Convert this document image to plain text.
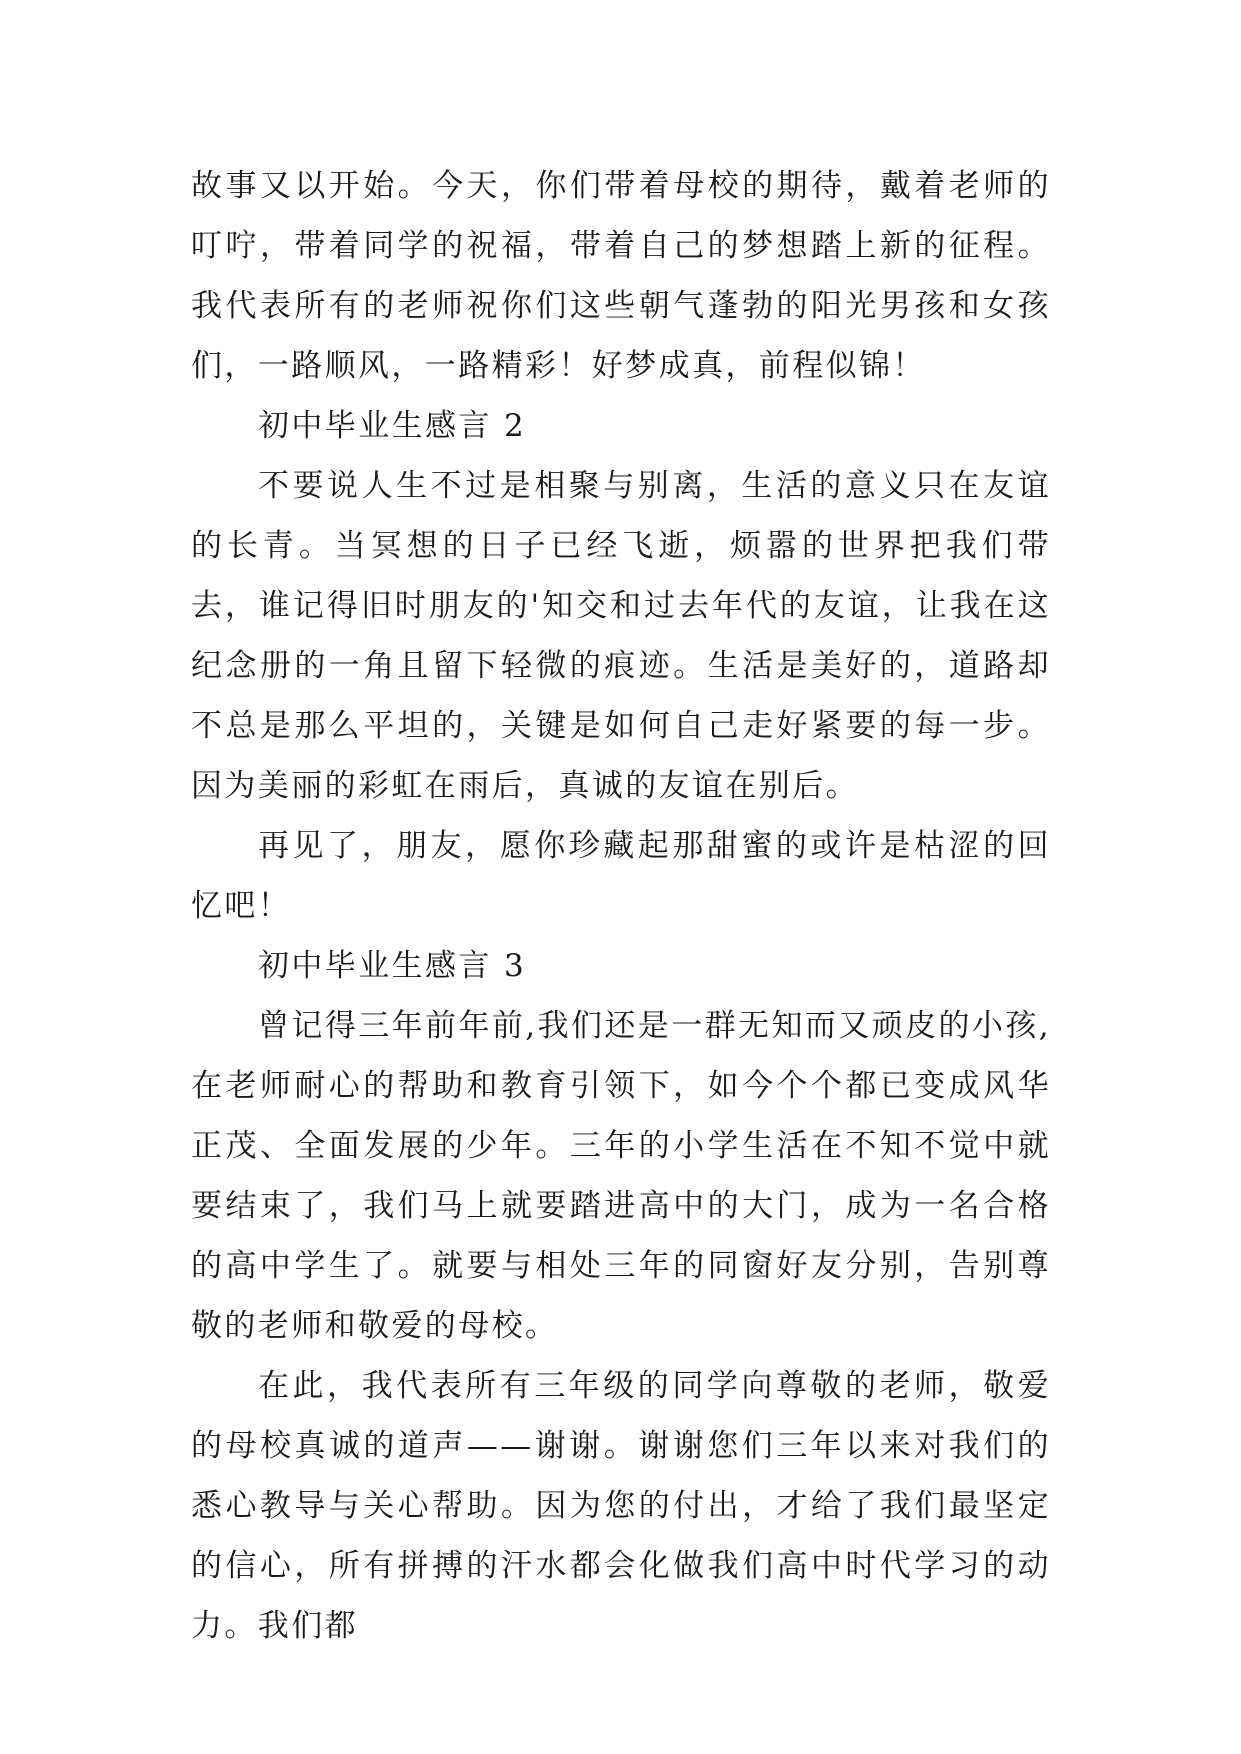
故事又以开始。今天，你们带着母校的期待，戴着老师的叮咛，带着同学的祝福，带着自己的梦想踏上新的征程。我代表所有的老师祝你们这些朝气蓬勃的阳光男孩和女孩们，一路顺风，一路精彩！好梦成真，前程似锦！

初中毕业生感言 2

不要说人生不过是相聚与别离，生活的意义只在友谊的长青。当冥想的日子已经飞逝，烦嚣的世界把我们带去，谁记得旧时朋友的'知交和过去年代的友谊，让我在这纪念册的一角且留下轻微的痕迹。生活是美好的，道路却不总是那么平坦的，关键是如何自己走好紧要的每一步。因为美丽的彩虹在雨后，真诚的友谊在别后。

再见了，朋友，愿你珍藏起那甜蜜的或许是枯涩的回忆吧！

初中毕业生感言 3

曾记得三年前年前,我们还是一群无知而又顽皮的小孩,在老师耐心的帮助和教育引领下，如今个个都已变成风华正茂、全面发展的少年。三年的小学生活在不知不觉中就要结束了，我们马上就要踏进高中的大门，成为一名合格的高中学生了。就要与相处三年的同窗好友分别，告别尊敬的老师和敬爱的母校。

在此，我代表所有三年级的同学向尊敬的老师，敬爱的母校真诚的道声——谢谢。谢谢您们三年以来对我们的悉心教导与关心帮助。因为您的付出，才给了我们最坚定的信心，所有拼搏的汗水都会化做我们高中时代学习的动力。我们都
